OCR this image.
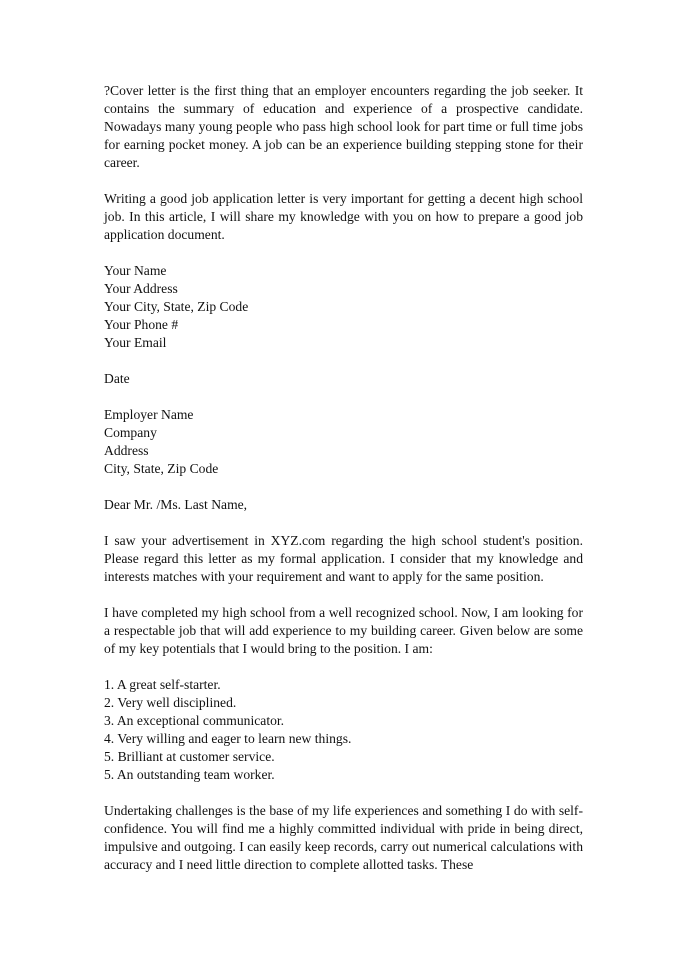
?Cover letter is the first thing that an employer encounters regarding the job seeker. It contains the summary of education and experience of a prospective candidate. Nowadays many young people who pass high school look for part time or full time jobs for earning pocket money. A job can be an experience building stepping stone for their career.

Writing a good job application letter is very important for getting a decent high school job. In this article, I will share my knowledge with you on how to prepare a good job application document.

Your Name
Your Address
Your City, State, Zip Code
Your Phone #
Your Email
Date
Employer Name
Company
Address
City, State, Zip Code
Dear Mr. /Ms. Last Name,

I saw your advertisement in XYZ.com regarding the high school student's position. Please regard this letter as my formal application. I consider that my knowledge and interests matches with your requirement and want to apply for the same position.

I have completed my high school from a well recognized school. Now, I am looking for a respectable job that will add experience to my building career. Given below are some of my key potentials that I would bring to the position. I am:

1. A great self-starter.
2. Very well disciplined.
3. An exceptional communicator.
4. Very willing and eager to learn new things.
5. Brilliant at customer service.
5. An outstanding team worker.

Undertaking challenges is the base of my life experiences and something I do with self-confidence. You will find me a highly committed individual with pride in being direct, impulsive and outgoing. I can easily keep records, carry out numerical calculations with accuracy and I need little direction to complete allotted tasks. These
